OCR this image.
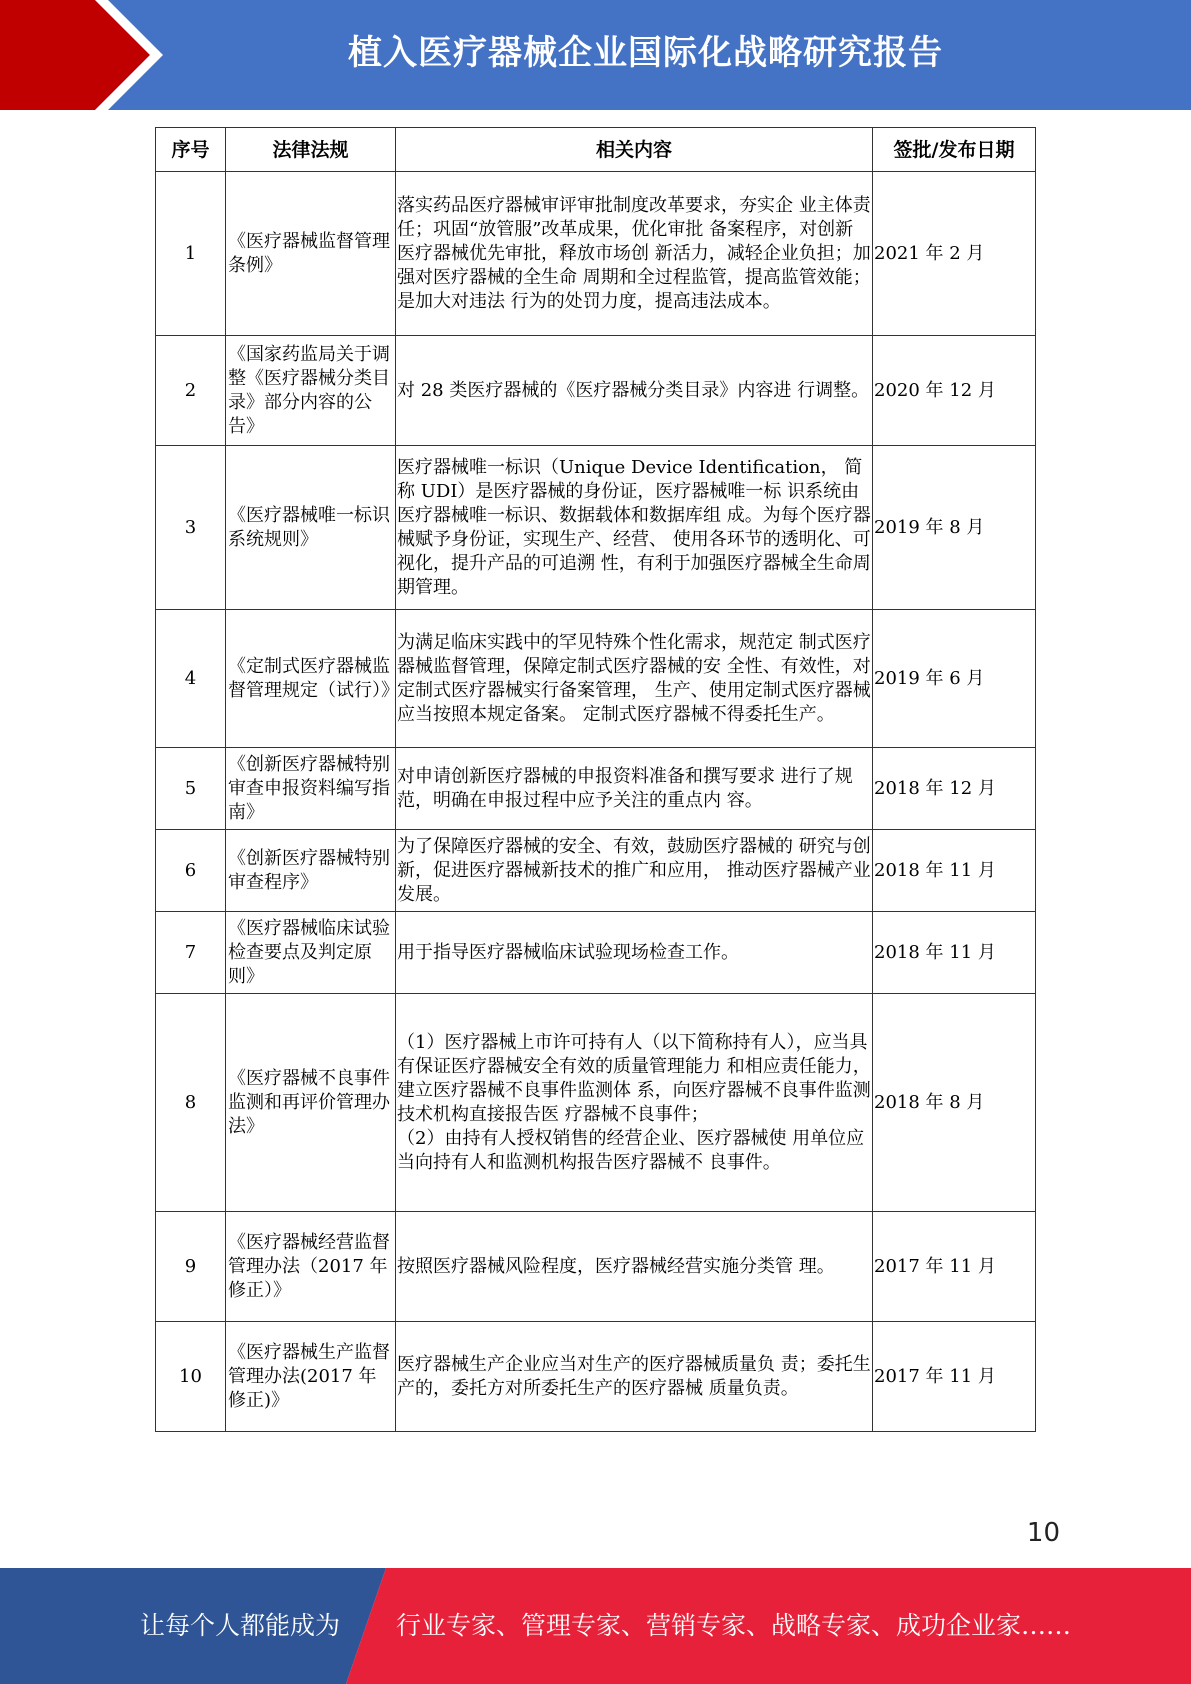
植入医疗器械企业国际化战略研究报告
序号	法律法规	相关内容	签批/发布日期
1	《医疗器械监督管理条例》	落实药品医疗器械审评审批制度改革要求，夯实企 业主体责任；巩固“放管服”改革成果，优化审批 备案程序，对创新医疗器械优先审批，释放市场创 新活力，减轻企业负担；加强对医疗器械的全生命 周期和全过程监管，提高监管效能；是加大对违法 行为的处罚力度，提高违法成本。	2021 年 2 月
2	《国家药监局关于调整《医疗器械分类目录》部分内容的公告》	对 28 类医疗器械的《医疗器械分类目录》内容进 行调整。	2020 年 12 月
3	《医疗器械唯一标识系统规则》	医疗器械唯一标识（Unique Device Identification， 简称 UDI）是医疗器械的身份证，医疗器械唯一标 识系统由医疗器械唯一标识、数据载体和数据库组 成。为每个医疗器械赋予身份证，实现生产、经营、 使用各环节的透明化、可视化，提升产品的可追溯 性，有利于加强医疗器械全生命周期管理。	2019 年 8 月
4	《定制式医疗器械监督管理规定（试行）》	为满足临床实践中的罕见特殊个性化需求，规范定 制式医疗器械监督管理，保障定制式医疗器械的安 全性、有效性，对定制式医疗器械实行备案管理， 生产、使用定制式医疗器械应当按照本规定备案。 定制式医疗器械不得委托生产。	2019 年 6 月
5	《创新医疗器械特别审查申报资料编写指南》	对申请创新医疗器械的申报资料准备和撰写要求 进行了规范，明确在申报过程中应予关注的重点内 容。	2018 年 12 月
6	《创新医疗器械特别审查程序》	为了保障医疗器械的安全、有效，鼓励医疗器械的 研究与创新，促进医疗器械新技术的推广和应用， 推动医疗器械产业发展。	2018 年 11 月
7	《医疗器械临床试验检查要点及判定原则》	用于指导医疗器械临床试验现场检查工作。	2018 年 11 月
8	《医疗器械不良事件监测和再评价管理办法》	（1）医疗器械上市许可持有人（以下简称持有人），应当具有保证医疗器械安全有效的质量管理能力 和相应责任能力，建立医疗器械不良事件监测体 系，向医疗器械不良事件监测技术机构直接报告医 疗器械不良事件；
（2）由持有人授权销售的经营企业、医疗器械使 用单位应当向持有人和监测机构报告医疗器械不 良事件。	2018 年 8 月
9	《医疗器械经营监督管理办法（2017 年修正）》	按照医疗器械风险程度，医疗器械经营实施分类管 理。	2017 年 11 月
10	《医疗器械生产监督管理办法(2017 年修正)》	医疗器械生产企业应当对生产的医疗器械质量负 责；委托生产的，委托方对所委托生产的医疗器械 质量负责。	2017 年 11 月
10
让每个人都能成为	行业专家、管理专家、营销专家、战略专家、成功企业家……
